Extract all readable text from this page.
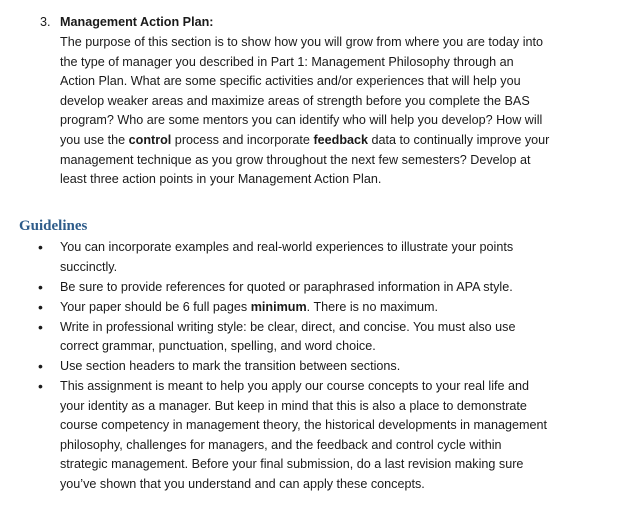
3. Management Action Plan:
The purpose of this section is to show how you will grow from where you are today into
the type of manager you described in Part 1: Management Philosophy through an
Action Plan. What are some specific activities and/or experiences that will help you
develop weaker areas and maximize areas of strength before you complete the BAS
program? Who are some mentors you can identify who will help you develop? How will
you use the control process and incorporate feedback data to continually improve your
management technique as you grow throughout the next few semesters? Develop at
least three action points in your Management Action Plan.
Guidelines
• You can incorporate examples and real-world experiences to illustrate your points
succinctly.
• Be sure to provide references for quoted or paraphrased information in APA style.
• Your paper should be 6 full pages minimum. There is no maximum.
• Write in professional writing style: be clear, direct, and concise. You must also use
correct grammar, punctuation, spelling, and word choice.
• Use section headers to mark the transition between sections.
• This assignment is meant to help you apply our course concepts to your real life and
your identity as a manager. But keep in mind that this is also a place to demonstrate
course competency in management theory, the historical developments in management
philosophy, challenges for managers, and the feedback and control cycle within
strategic management. Before your final submission, do a last revision making sure
you’ve shown that you understand and can apply these concepts.
